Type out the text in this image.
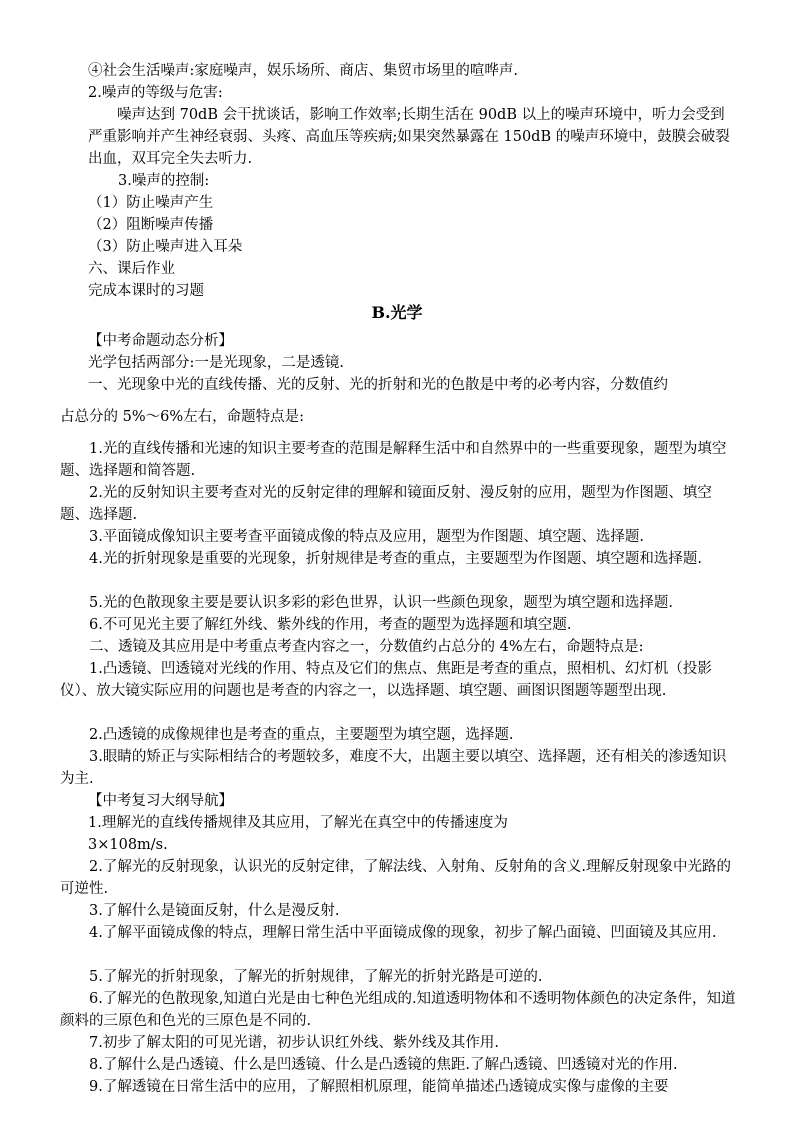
④社会生活噪声:家庭噪声，娱乐场所、商店、集贸市场里的喧哗声.

2.噪声的等级与危害:

噪声达到 70dB 会干扰谈话，影响工作效率;长期生活在 90dB 以上的噪声环境中，听力会受到严重影响并产生神经衰弱、头疼、高血压等疾病;如果突然暴露在 150dB 的噪声环境中，鼓膜会破裂出血，双耳完全失去听力.

3.噪声的控制:

（1）防止噪声产生

（2）阻断噪声传播

（3）防止噪声进入耳朵

六、课后作业

完成本课时的习题

B.光学

【中考命题动态分析】

光学包括两部分:一是光现象，二是透镜.

一、光现象中光的直线传播、光的反射、光的折射和光的色散是中考的必考内容，分数值约

占总分的 5%～6%左右，命题特点是:

1.光的直线传播和光速的知识主要考查的范围是解释生活中和自然界中的一些重要现象，题型为填空题、选择题和简答题.

2.光的反射知识主要考查对光的反射定律的理解和镜面反射、漫反射的应用，题型为作图题、填空题、选择题.

3.平面镜成像知识主要考查平面镜成像的特点及应用，题型为作图题、填空题、选择题.

4.光的折射现象是重要的光现象，折射规律是考查的重点，主要题型为作图题、填空题和选择题.

5.光的色散现象主要是要认识多彩的彩色世界，认识一些颜色现象，题型为填空题和选择题.

6.不可见光主要了解红外线、紫外线的作用，考查的题型为选择题和填空题.

二、透镜及其应用是中考重点考查内容之一，分数值约占总分的 4%左右，命题特点是:

1.凸透镜、凹透镜对光线的作用、特点及它们的焦点、焦距是考查的重点，照相机、幻灯机（投影仪）、放大镜实际应用的问题也是考查的内容之一，以选择题、填空题、画图识图题等题型出现.

2.凸透镜的成像规律也是考查的重点，主要题型为填空题，选择题.

3.眼睛的矫正与实际相结合的考题较多，难度不大，出题主要以填空、选择题，还有相关的渗透知识为主.

【中考复习大纲导航】

1.理解光的直线传播规律及其应用，了解光在真空中的传播速度为

3×108m/s.

2.了解光的反射现象，认识光的反射定律，了解法线、入射角、反射角的含义.理解反射现象中光路的可逆性.

3.了解什么是镜面反射，什么是漫反射.

4.了解平面镜成像的特点，理解日常生活中平面镜成像的现象，初步了解凸面镜、凹面镜及其应用.

5.了解光的折射现象，了解光的折射规律，了解光的折射光路是可逆的.

6.了解光的色散现象,知道白光是由七种色光组成的.知道透明物体和不透明物体颜色的决定条件，知道颜料的三原色和色光的三原色是不同的.

7.初步了解太阳的可见光谱，初步认识红外线、紫外线及其作用.

8.了解什么是凸透镜、什么是凹透镜、什么是凸透镜的焦距.了解凸透镜、凹透镜对光的作用.

9.了解透镜在日常生活中的应用，了解照相机原理，能简单描述凸透镜成实像与虚像的主要
